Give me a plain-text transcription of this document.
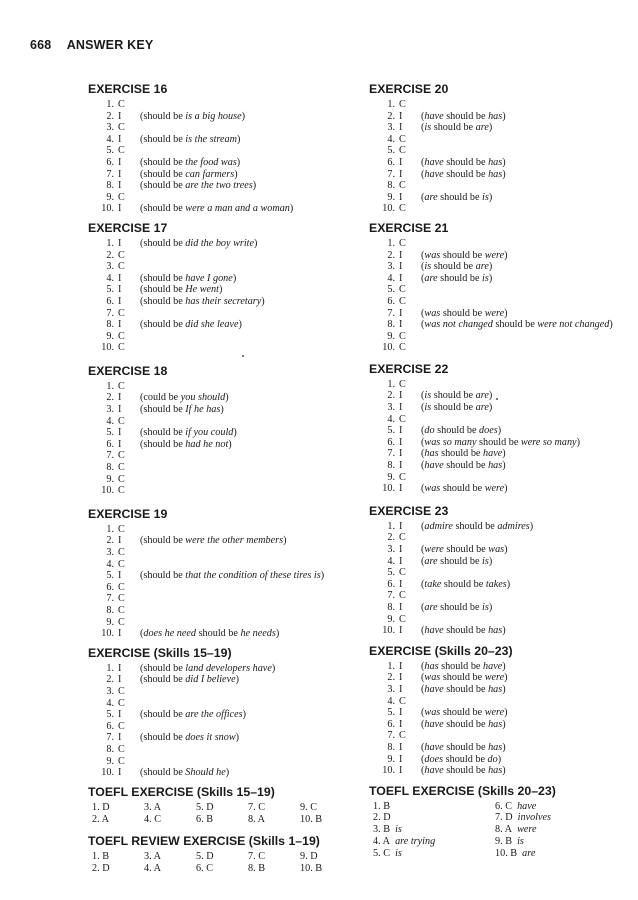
668 ANSWER KEY
EXERCISE 16
1. C
2. I	(should be is a big house)
3. C
4. I	(should be is the stream)
5. C
6. I	(should be the food was)
7. I	(should be can farmers)
8. I	(should be are the two trees)
9. C
10. I	(should be were a man and a woman)
EXERCISE 17
1. I	(should be did the boy write)
2. C
3. C
4. I	(should be have I gone)
5. I	(should be He went)
6. I	(should be has their secretary)
7. C
8. I	(should be did she leave)
9. C
10. C
EXERCISE 18
1. C
2. I	(could be you should)
3. I	(should be If he has)
4. C
5. I	(should be if you could)
6. I	(should be had he not)
7. C
8. C
9. C
10. C
EXERCISE 19
1. C
2. I	(should be were the other members)
3. C
4. C
5. I	(should be that the condition of these tires is)
6. C
7. C
8. C
9. C
10. I	(does he need should be he needs)
EXERCISE (Skills 15–19)
1. I	(should be land developers have)
2. I	(should be did I believe)
3. C
4. C
5. I	(should be are the offices)
6. C
7. I	(should be does it snow)
8. C
9. C
10. I	(should be Should he)
TOEFL EXERCISE (Skills 15–19)
1. D	3. A	5. D	7. C	9. C
2. A	4. C	6. B	8. A	10. B
TOEFL REVIEW EXERCISE (Skills 1–19)
1. B	3. A	5. D	7. C	9. D
2. D	4. A	6. C	8. B	10. B
EXERCISE 20
1. C
2. I	(have should be has)
3. I	(is should be are)
4. C
5. C
6. I	(have should be has)
7. I	(have should be has)
8. C
9. I	(are should be is)
10. C
EXERCISE 21
1. C
2. I	(was should be were)
3. I	(is should be are)
4. I	(are should be is)
5. C
6. C
7. I	(was should be were)
8. I	(was not changed should be were not changed)
9. C
10. C
EXERCISE 22
1. C
2. I	(is should be are)
3. I	(is should be are)
4. C
5. I	(do should be does)
6. I	(was so many should be were so many)
7. I	(has should be have)
8. I	(have should be has)
9. C
10. I	(was should be were)
EXERCISE 23
1. I	(admire should be admires)
2. C
3. I	(were should be was)
4. I	(are should be is)
5. C
6. I	(take should be takes)
7. C
8. I	(are should be is)
9. C
10. I	(have should be has)
EXERCISE (Skills 20–23)
1. I	(has should be have)
2. I	(was should be were)
3. I	(have should be has)
4. C
5. I	(was should be were)
6. I	(have should be has)
7. C
8. I	(have should be has)
9. I	(does should be do)
10. I	(have should be has)
TOEFL EXERCISE (Skills 20–23)
1. B	6. C  have
2. D	7. D  involves
3. B  is	8. A  were
4. A  are trying	9. B  is
5. C  is	10. B  are
